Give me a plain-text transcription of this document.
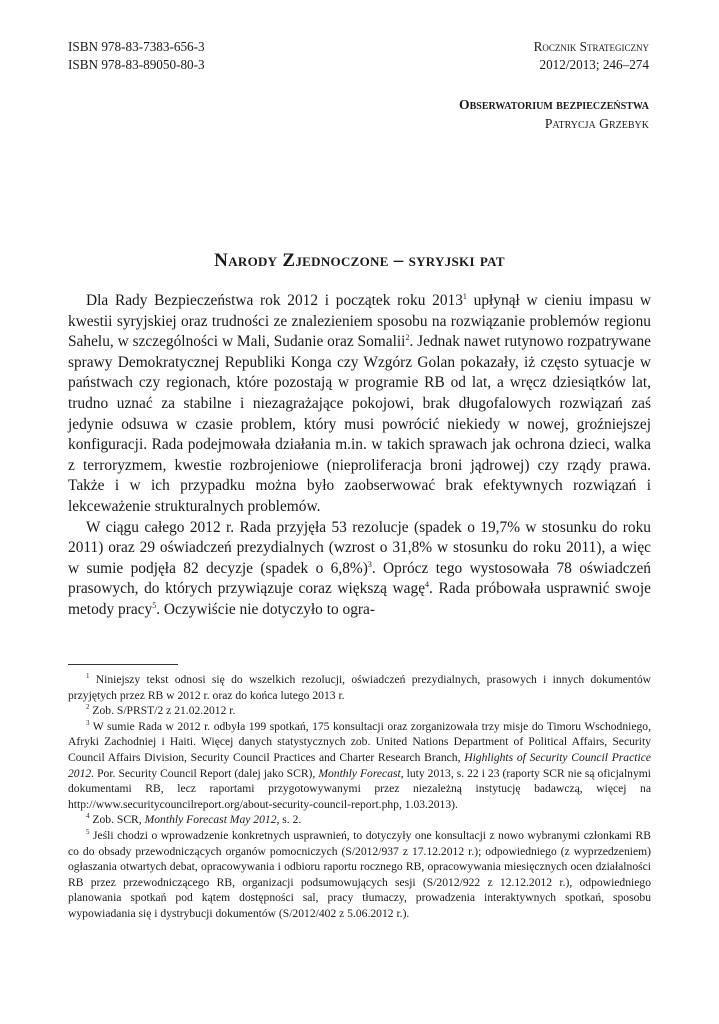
ISBN 978-83-7383-656-3
ISBN 978-83-89050-80-3
Rocznik Strategiczny
2012/2013; 246–274
Obserwatorium bezpieczeństwa
Patrycja Grzebyk
Narody Zjednoczone – syryjski pat

Dla Rady Bezpieczeństwa rok 2012 i początek roku 2013$^1$ upłynął w cieniu impasu w kwestii syryjskiej oraz trudności ze znalezieniem sposobu na rozwiązanie problemów regionu Sahelu, w szczególności w Mali, Sudanie oraz Somalii$^2$. Jednak nawet rutynowo rozpatrywane sprawy Demokratycznej Republiki Konga czy Wzgórz Golan pokazały, iż często sytuacje w państwach czy regionach, które pozostają w programie RB od lat, a wręcz dziesiątków lat, trudno uznać za stabilne i niezagrażające pokojowi, brak długofalowych rozwiązań zaś jedynie odsuwa w czasie problem, który musi powrócić niekiedy w nowej, groźniejszej konfiguracji. Rada podejmowała działania m.in. w takich sprawach jak ochrona dzieci, walka z terroryzmem, kwestie rozbrojeniowe (nieproliferacja broni jądrowej) czy rządy prawa. Także i w ich przypadku można było zaobserwować brak efektywnych rozwiązań i lekceważenie strukturalnych problemów.

W ciągu całego 2012 r. Rada przyjęła 53 rezolucje (spadek o 19,7% w stosunku do roku 2011) oraz 29 oświadczeń prezydialnych (wzrost o 31,8% w stosunku do roku 2011), a więc w sumie podjęła 82 decyzje (spadek o 6,8%)$^3$. Oprócz tego wystosowała 78 oświadczeń prasowych, do których przywiązuje coraz większą wagę$^4$. Rada próbowała usprawnić swoje metody pracy$^5$. Oczywiście nie dotyczyło to ogra-

$^1$ Niniejszy tekst odnosi się do wszelkich rezolucji, oświadczeń prezydialnych, prasowych i innych dokumentów przyjętych przez RB w 2012 r. oraz do końca lutego 2013 r.

$^2$ Zob. S/PRST/2 z 21.02.2012 r.

$^3$ W sumie Rada w 2012 r. odbyła 199 spotkań, 175 konsultacji oraz zorganizowała trzy misje do Timoru Wschodniego, Afryki Zachodniej i Haiti. Więcej danych statystycznych zob. United Nations Department of Political Affairs, Security Council Affairs Division, Security Council Practices and Charter Research Branch, Highlights of Security Council Practice 2012. Por. Security Council Report (dalej jako SCR), Monthly Forecast, luty 2013, s. 22 i 23 (raporty SCR nie są oficjalnymi dokumentami RB, lecz raportami przygotowywanymi przez niezależną instytucję badawczą, więcej na http://www.securitycouncilreport.org/about-security-council-report.php, 1.03.2013).

$^4$ Zob. SCR, Monthly Forecast May 2012, s. 2.

$^5$ Jeśli chodzi o wprowadzenie konkretnych usprawnień, to dotyczyły one konsultacji z nowo wybranymi członkami RB co do obsady przewodniczących organów pomocniczych (S/2012/937 z 17.12.2012 r.); odpowiedniego (z wyprzedzeniem) ogłaszania otwartych debat, opracowywania i odbioru raportu rocznego RB, opracowywania miesięcznych ocen działalności RB przez przewodniczącego RB, organizacji podsumowujących sesji (S/2012/922 z 12.12.2012 r.), odpowiedniego planowania spotkań pod kątem dostępności sal, pracy tłumaczy, prowadzenia interaktywnych spotkań, sposobu wypowiadania się i dystrybucji dokumentów (S/2012/402 z 5.06.2012 r.).
